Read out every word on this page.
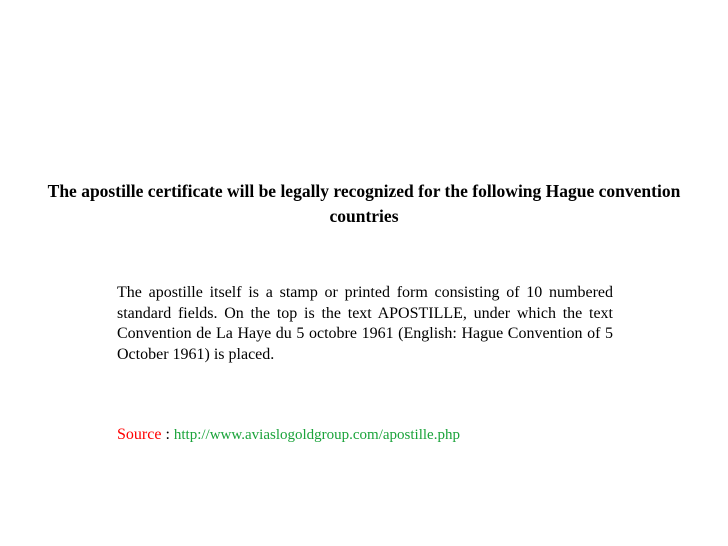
The apostille certificate will be legally recognized for the following Hague convention countries

The apostille itself is a stamp or printed form consisting of 10 numbered standard fields. On the top is the text APOSTILLE, under which the text Convention de La Haye du 5 octobre 1961 (English: Hague Convention of 5 October 1961) is placed.

Source : http://www.aviaslogoldgroup.com/apostille.php
